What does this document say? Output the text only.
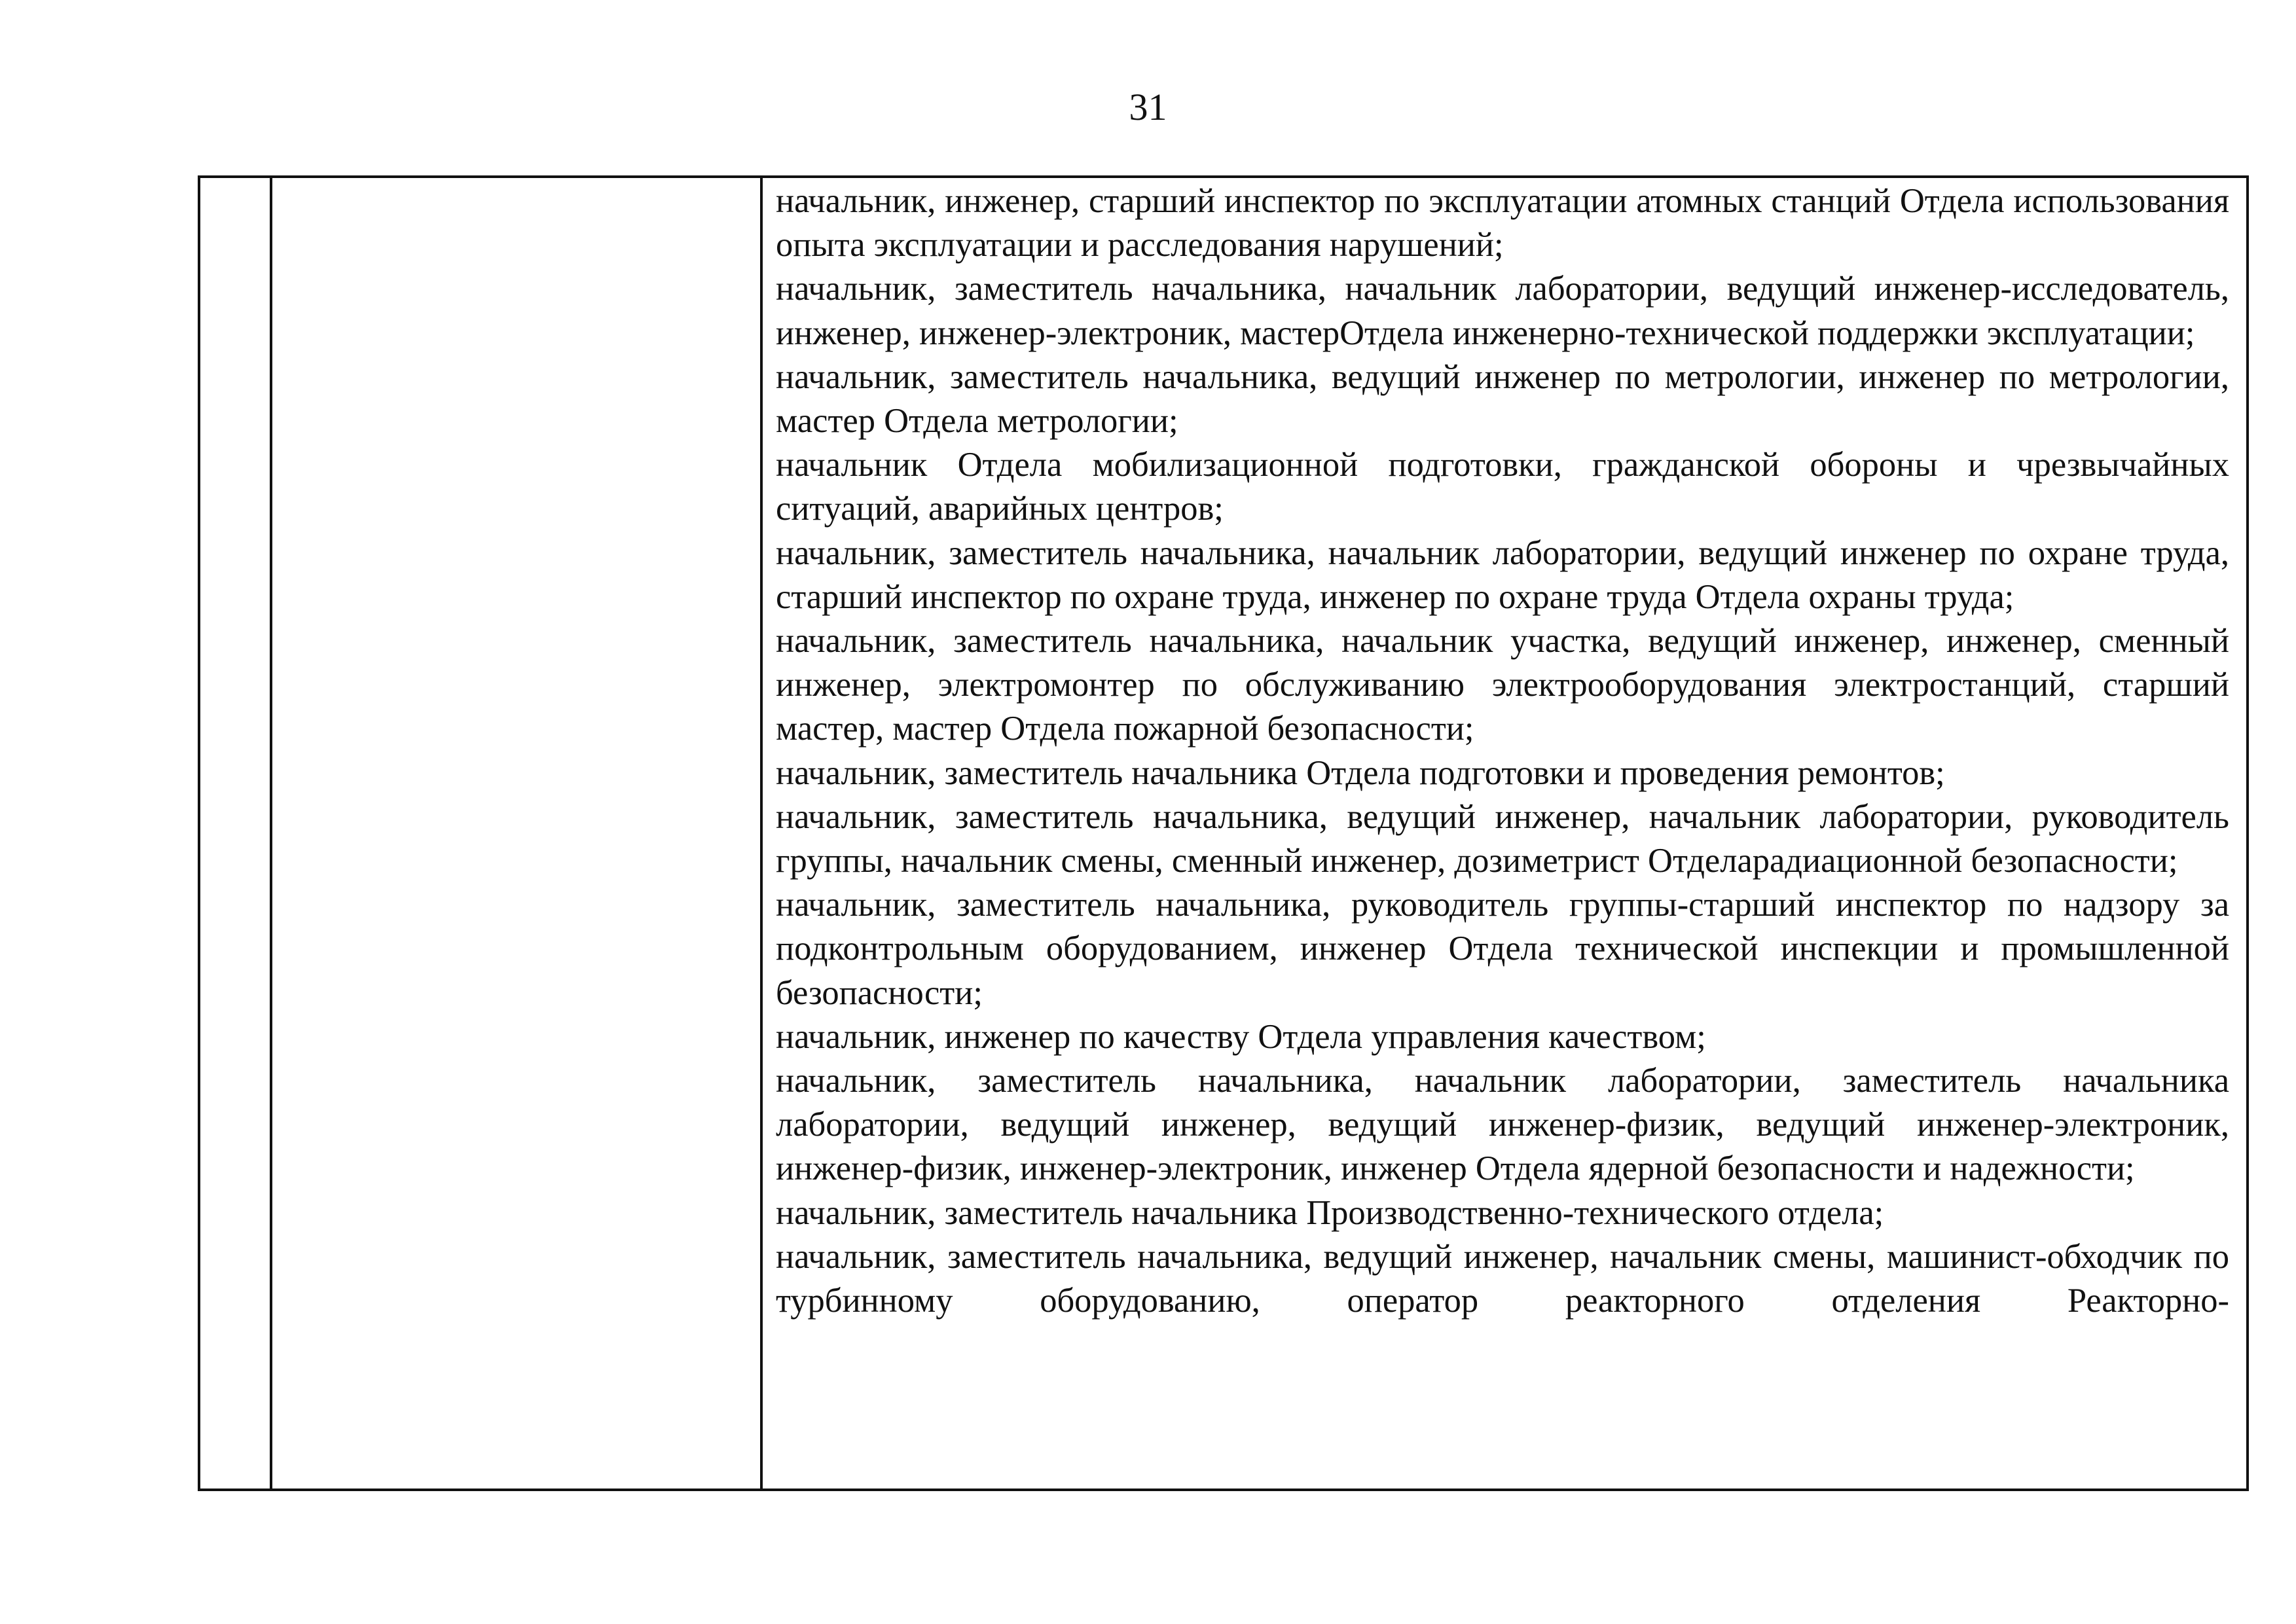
31

начальник, инженер, старший инспектор по эксплуатации атомных станций Отдела использования опыта эксплуатации и расследования нарушений;
начальник, заместитель начальника, начальник лаборатории, ведущий инженер-исследователь, инженер, инженер-электроник, мастерОтдела инженерно-технической поддержки эксплуатации;
начальник, заместитель начальника, ведущий инженер по метрологии, инженер по метрологии, мастер Отдела метрологии;
начальник Отдела мобилизационной подготовки, гражданской обороны и чрезвычайных ситуаций, аварийных центров;
начальник, заместитель начальника, начальник лаборатории, ведущий инженер по охране труда, старший инспектор по охране труда, инженер по охране труда Отдела охраны труда;
начальник, заместитель начальника, начальник участка, ведущий инженер, инженер, сменный инженер, электромонтер по обслуживанию электрооборудования электростанций, старший мастер, мастер Отдела пожарной безопасности;
начальник, заместитель начальника Отдела подготовки и проведения ремонтов;
начальник, заместитель начальника, ведущий инженер, начальник лаборатории, руководитель группы, начальник смены, сменный инженер, дозиметрист Отделарадиационной безопасности;
начальник, заместитель начальника, руководитель группы-старший инспектор по надзору за подконтрольным оборудованием, инженер Отдела технической инспекции и промышленной безопасности;
начальник, инженер по качеству Отдела управления качеством;
начальник, заместитель начальника, начальник лаборатории, заместитель начальника лаборатории, ведущий инженер, ведущий инженер-физик, ведущий инженер-электроник, инженер-физик, инженер-электроник, инженер Отдела ядерной безопасности и надежности;
начальник, заместитель начальника Производственно-технического отдела;
начальник, заместитель начальника, ведущий инженер, начальник смены, машинист-обходчик по турбинному оборудованию, оператор реакторного отделения Реакторно-
